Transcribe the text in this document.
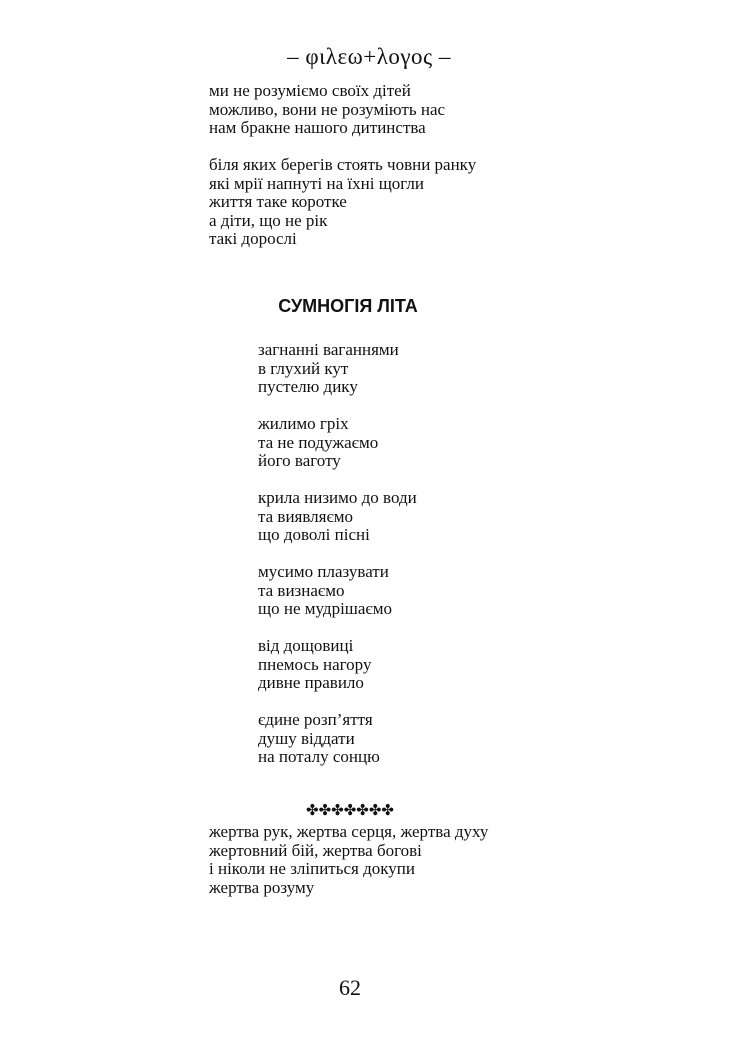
– φιλεω+λογος –
ми не розуміємо своїх дітей
можливо, вони не розуміють нас
нам бракне нашого дитинства
біля яких берегів стоять човни ранку
які мрії напнуті на їхні щогли
життя таке коротке
а діти, що не рік
такі дорослі
СУМНОГІЯ ЛІТА
загнанні ваганнями
в глухий кут
пустелю дику
жилимо гріх
та не подужаємо
його ваготу
крила низимо до води
та виявляємо
що доволі пісні
мусимо плазувати
та визнаємо
що не мудрішаємо
від дощовиці
пнемось нагору
дивне правило
єдине розп’яття
душу віддати
на поталу сонцю
✤✤✤✤✤✤✤
жертва рук, жертва серця, жертва духу
жертовний бій, жертва богові
і ніколи не зліпиться докупи
жертва розуму
62
